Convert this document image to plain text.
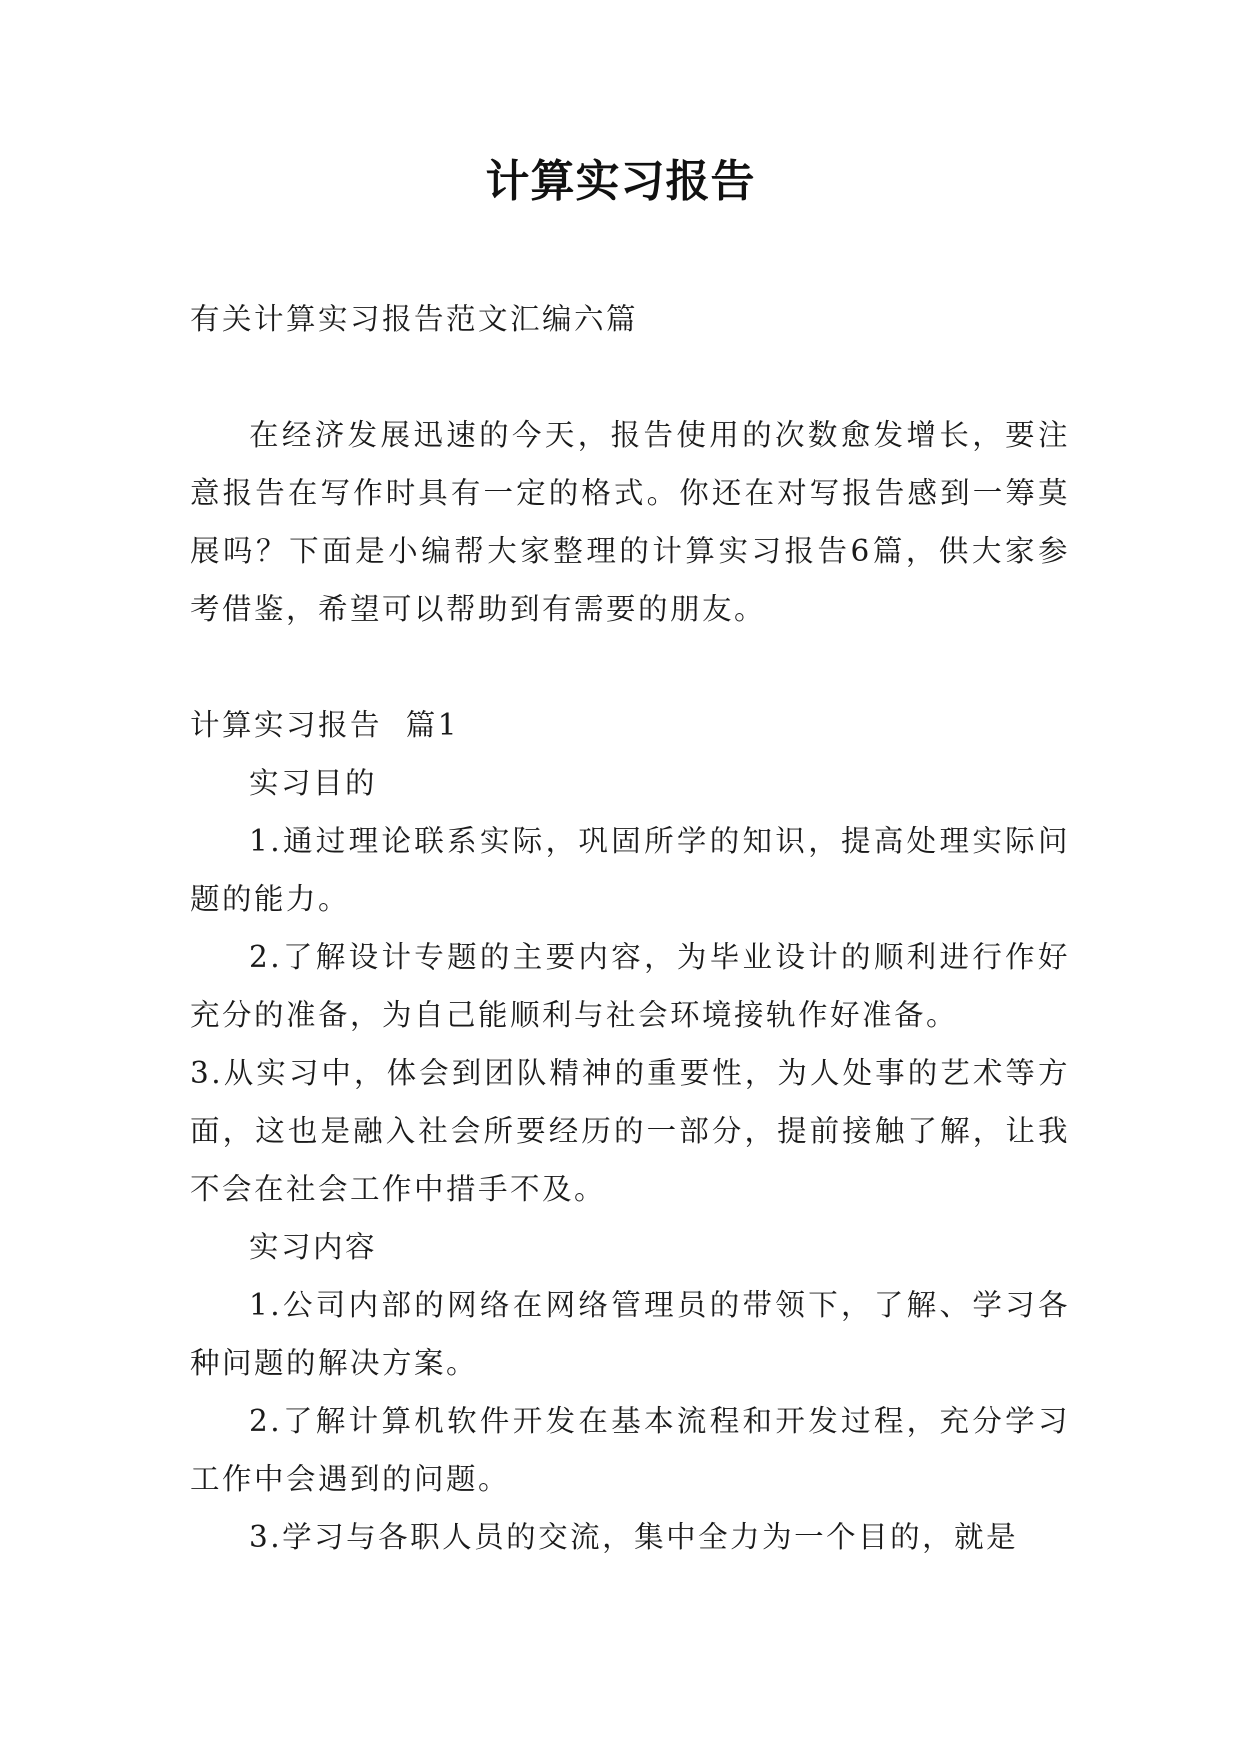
计算实习报告

有关计算实习报告范文汇编六篇

在经济发展迅速的今天，报告使用的次数愈发增长，要注意报告在写作时具有一定的格式。你还在对写报告感到一筹莫展吗？下面是小编帮大家整理的计算实习报告6篇，供大家参考借鉴，希望可以帮助到有需要的朋友。

计算实习报告  篇1

实习目的

1.通过理论联系实际，巩固所学的知识，提高处理实际问题的能力。

2.了解设计专题的主要内容，为毕业设计的顺利进行作好充分的准备，为自己能顺利与社会环境接轨作好准备。

3.从实习中，体会到团队精神的重要性，为人处事的艺术等方面，这也是融入社会所要经历的一部分，提前接触了解，让我不会在社会工作中措手不及。

实习内容

1.公司内部的网络在网络管理员的带领下，了解、学习各种问题的解决方案。

2.了解计算机软件开发在基本流程和开发过程，充分学习工作中会遇到的问题。

3.学习与各职人员的交流，集中全力为一个目的，就是
